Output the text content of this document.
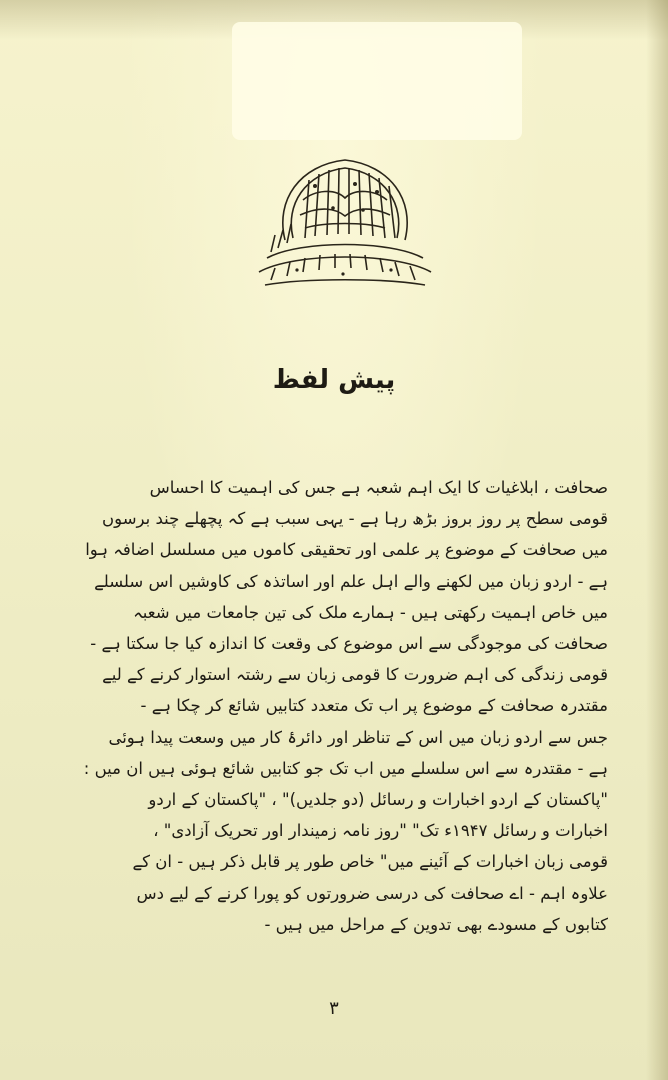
پیش لفظ
صحافت ، ابلاغیات کا ایک اہم شعبہ ہے جس کی اہمیت کا احساس
قومی سطح پر روز بروز بڑھ رہا ہے - یہی سبب ہے کہ پچھلے چند برسوں
میں صحافت کے موضوع پر علمی اور تحقیقی کاموں میں مسلسل اضافہ ہوا
ہے - اردو زبان میں لکھنے والے اہل علم اور اساتذہ کی کاوشیں اس سلسلے
میں خاص اہمیت رکھتی ہیں - ہمارے ملک کی تین جامعات میں شعبہ
صحافت کی موجودگی سے اس موضوع کی وقعت کا اندازہ کیا جا سکتا ہے -
قومی زندگی کی اہم ضرورت کا قومی زبان سے رشتہ استوار کرنے کے لیے
مقتدرہ صحافت کے موضوع پر اب تک متعدد کتابیں شائع کر چکا ہے -
جس سے اردو زبان میں اس کے تناظر اور دائرۂ کار میں وسعت پیدا ہوئی
ہے - مقتدرہ سے اس سلسلے میں اب تک جو کتابیں شائع ہوئی ہیں ان میں :
"پاکستان کے اردو اخبارات و رسائل (دو جلدیں)" ، "پاکستان کے اردو
اخبارات و رسائل ۱۹۴۷ء تک" "روز نامہ زمیندار اور تحریک آزادی" ،
قومی زبان اخبارات کے آئینے میں" خاص طور پر قابل ذکر ہیں - ان کے
علاوہ اہم - اے صحافت کی درسی ضرورتوں کو پورا کرنے کے لیے دس
کتابوں کے مسودے بھی تدوین کے مراحل میں ہیں -
۳
